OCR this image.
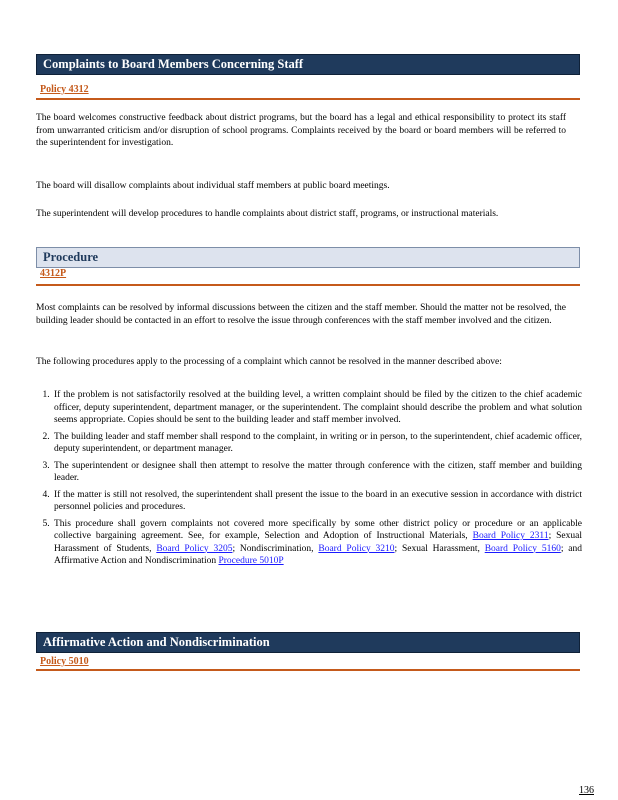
Complaints to Board Members Concerning Staff
Policy 4312
The board welcomes constructive feedback about district programs, but the board has a legal and ethical responsibility to protect its staff from unwarranted criticism and/or disruption of school programs. Complaints received by the board or board members will be referred to the superintendent for investigation.
The board will disallow complaints about individual staff members at public board meetings.
The superintendent will develop procedures to handle complaints about district staff, programs, or instructional materials.
Procedure
4312P
Most complaints can be resolved by informal discussions between the citizen and the staff member. Should the matter not be resolved, the building leader should be contacted in an effort to resolve the issue through conferences with the staff member involved and the citizen.
The following procedures apply to the processing of a complaint which cannot be resolved in the manner described above:
1. If the problem is not satisfactorily resolved at the building level, a written complaint should be filed by the citizen to the chief academic officer, deputy superintendent, department manager, or the superintendent. The complaint should describe the problem and what solution seems appropriate. Copies should be sent to the building leader and staff member involved.
2. The building leader and staff member shall respond to the complaint, in writing or in person, to the superintendent, chief academic officer, deputy superintendent, or department manager.
3. The superintendent or designee shall then attempt to resolve the matter through conference with the citizen, staff member and building leader.
4. If the matter is still not resolved, the superintendent shall present the issue to the board in an executive session in accordance with district personnel policies and procedures.
5. This procedure shall govern complaints not covered more specifically by some other district policy or procedure or an applicable collective bargaining agreement. See, for example, Selection and Adoption of Instructional Materials, Board Policy 2311; Sexual Harassment of Students, Board Policy 3205; Nondiscrimination, Board Policy 3210; Sexual Harassment, Board Policy 5160; and Affirmative Action and Nondiscrimination Procedure 5010P
Affirmative Action and Nondiscrimination
Policy 5010
136
